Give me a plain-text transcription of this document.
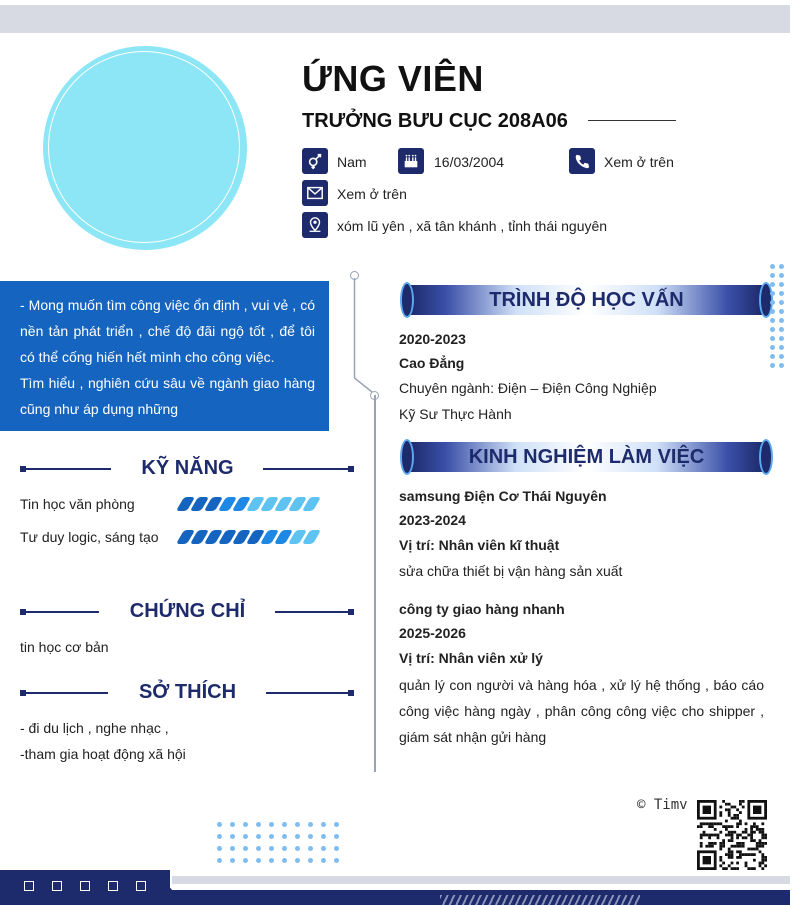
ỨNG VIÊN
TRƯỞNG BƯU CỤC 208A06
Nam	16/03/2004	Xem ở trên
Xem ở trên
xóm lũ yên , xã tân khánh , tỉnh thái nguyên
- Mong muốn tìm công việc ổn định , vui vẻ , có nền tản phát triển , chế độ đãi ngộ tốt , để tôi có thể cống hiến hết mình cho công việc.
Tìm hiểu , nghiên cứu sâu về ngành giao hàng cũng như áp dụng những
KỸ NĂNG
Tin học văn phòng
Tư duy logic, sáng tạo
CHỨNG CHỈ
tin học cơ bản
SỞ THÍCH
- đi du lịch , nghe nhạc ,
-tham gia hoạt động xã hội
TRÌNH ĐỘ HỌC VẤN
2020-2023
Cao Đẳng
Chuyên ngành: Điện – Điện Công Nghiệp
Kỹ Sư Thực Hành
KINH NGHIỆM LÀM VIỆC
samsung Điện Cơ Thái Nguyên
2023-2024
Vị trí: Nhân viên kĩ thuật
sửa chữa thiết bị vận hàng sản xuất
công ty giao hàng nhanh
2025-2026
Vị trí: Nhân viên xử lý
quản lý con người và hàng hóa , xử lý hệ thống , báo cáo công việc hàng ngày , phân công công việc cho shipper , giám sát nhận gửi hàng
© Timv
